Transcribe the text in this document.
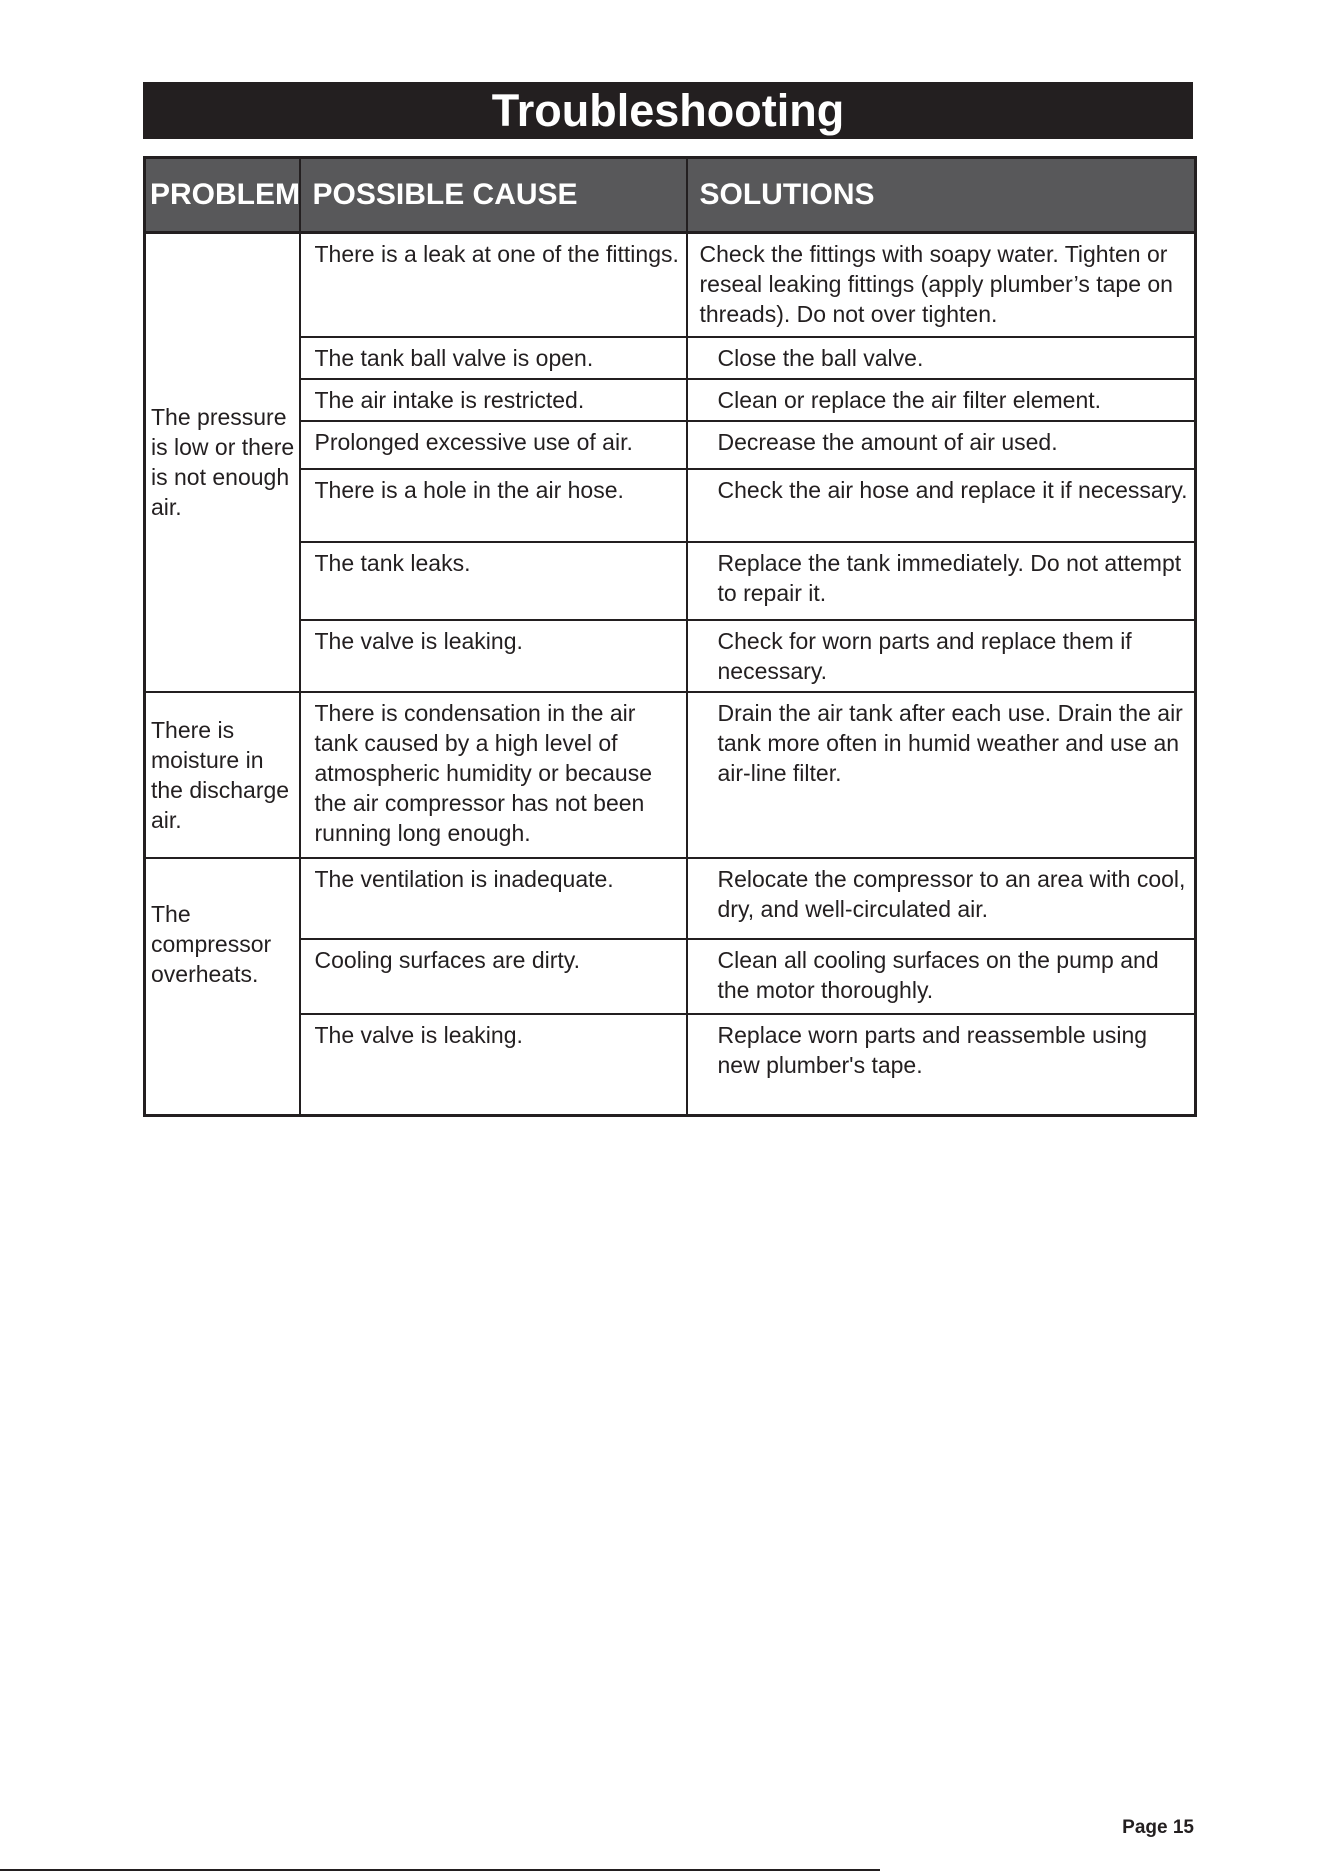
Troubleshooting
PROBLEM	POSSIBLE CAUSE	SOLUTIONS
The pressure is low or there is not enough air.	There is a leak at one of the fittings.	Check the fittings with soapy water. Tighten or reseal leaking fittings (apply plumber’s tape on threads). Do not over tighten.
	The tank ball valve is open.	Close the ball valve.
	The air intake is restricted.	Clean or replace the air filter element.
	Prolonged excessive use of air.	Decrease the amount of air used.
	There is a hole in the air hose.	Check the air hose and replace it if necessary.
	The tank leaks.	Replace the tank immediately. Do not attempt to repair it.
	The valve is leaking.	Check for worn parts and replace them if necessary.
There is moisture in the discharge air.	There is condensation in the air tank caused by a high level of atmospheric humidity or because the air compressor has not been running long enough.	Drain the air tank after each use. Drain the air tank more often in humid weather and use an air-line filter.
The compressor overheats.	The ventilation is inadequate.	Relocate the compressor to an area with cool, dry, and well-circulated air.
	Cooling surfaces are dirty.	Clean all cooling surfaces on the pump and the motor thoroughly.
	The valve is leaking.	Replace worn parts and reassemble using new plumber's tape.
Page 15
